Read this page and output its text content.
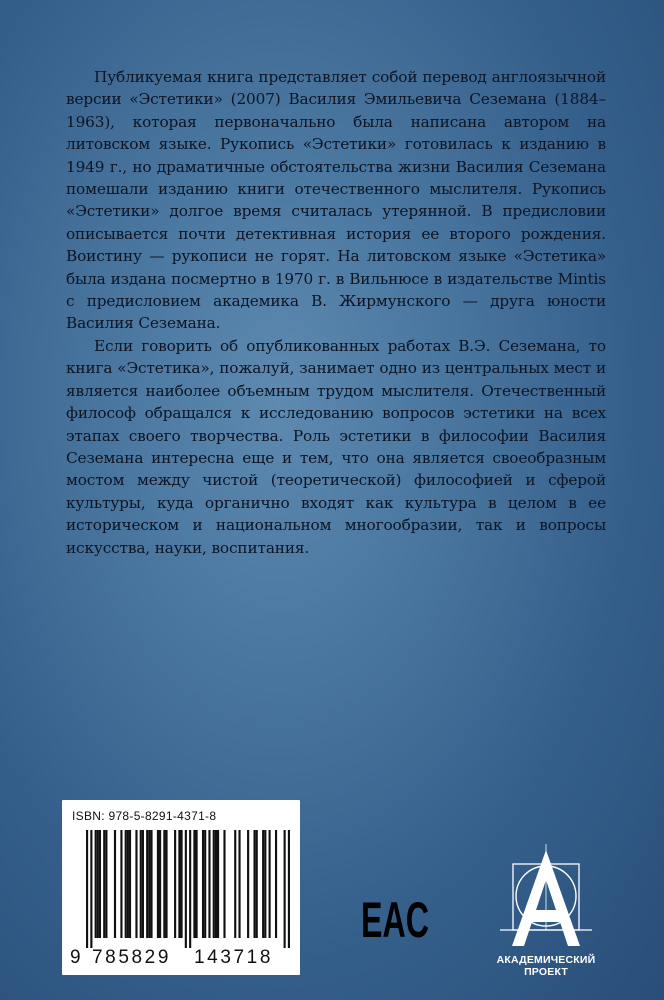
Публикуемая книга представляет собой перевод англоязычной версии «Эстетики» (2007) Василия Эмильевича Сеземана (1884–1963), которая первоначально была написана автором на литовском языке. Рукопись «Эстетики» готовилась к изданию в 1949 г., но драматичные обстоятельства жизни Василия Сеземана помешали изданию книги отечественного мыслителя. Рукопись «Эстетики» долгое время считалась утерянной. В предисловии описывается почти детективная история ее второго рождения. Воистину — рукописи не горят. На литовском языке «Эстетика» была издана посмертно в 1970 г. в Вильнюсе в издательстве Mintis с предисловием академика В. Жирмунского — друга юности Василия Сеземана.

Если говорить об опубликованных работах В.Э. Сеземана, то книга «Эстетика», пожалуй, занимает одно из центральных мест и является наиболее объемным трудом мыслителя. Отечественный философ обращался к исследованию вопросов эстетики на всех этапах своего творчества. Роль эстетики в философии Василия Сеземана интересна еще и тем, что она является своеобразным мостом между чистой (теоретической) философией и сферой культуры, куда органично входят как культура в целом в ее историческом и национальном многообразии, так и вопросы искусства, науки, воспитания.

ISBN: 978-5-8291-4371-8
9 785829 143718
EAC
А
АКАДЕМИЧЕСКИЙ
ПРОЕКТ
